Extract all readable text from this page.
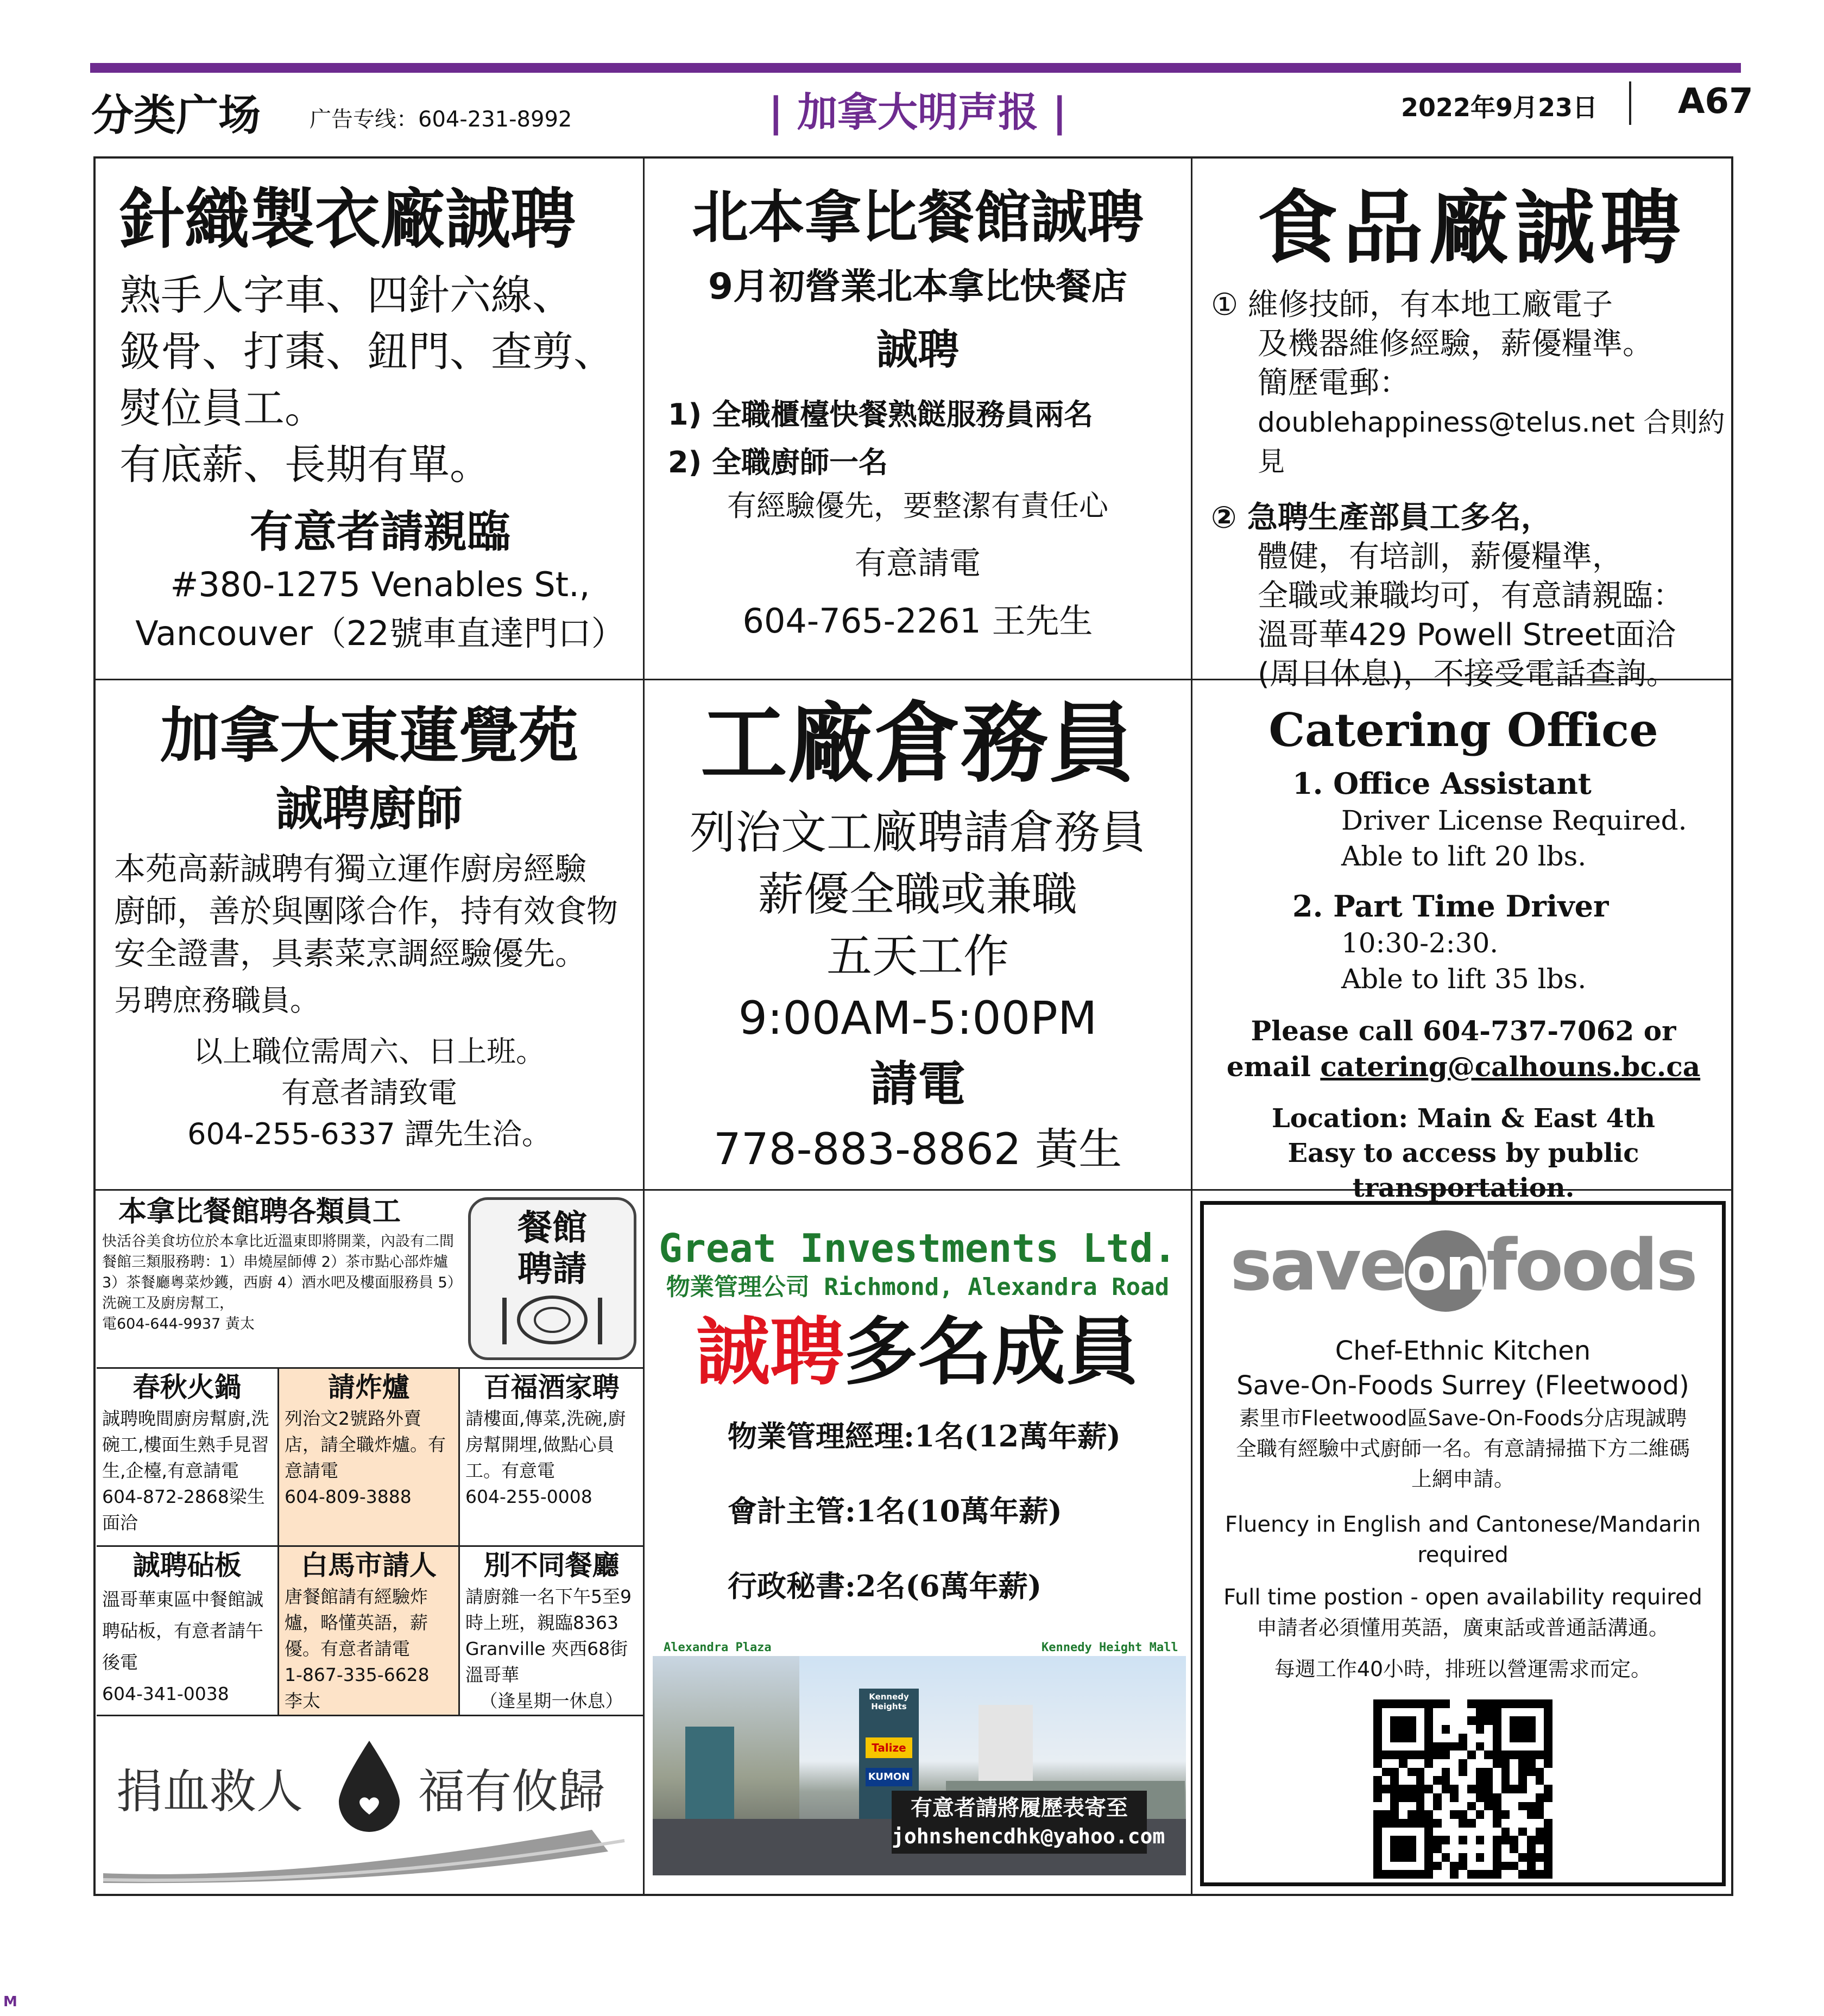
分类广场 广告专线：604-231-8992	| 加拿大明声报 |	2022年9月23日 A67
針織製衣廠誠聘
熟手人字車、四針六線、
鈒骨、打棗、鈕門、查剪、
熨位員工。
有底薪、長期有單。
有意者請親臨
#380-1275 Venables St.,
Vancouver（22號車直達門口）
北本拿比餐館誠聘
9月初營業北本拿比快餐店
誠聘
1) 全職櫃檯快餐熟餸服務員兩名
2) 全職廚師一名
有經驗優先，要整潔有責任心
有意請電
604-765-2261 王先生
食品廠誠聘
① 維修技師，有本地工廠電子
及機器維修經驗，薪優糧準。
簡歷電郵：
doublehappiness@telus.net 合則約見
② 急聘生產部員工多名，
體健，有培訓，薪優糧準，
全職或兼職均可，有意請親臨：
溫哥華429 Powell Street面洽
(周日休息)，不接受電話查詢。
加拿大東蓮覺苑
誠聘廚師
本苑高薪誠聘有獨立運作廚房經驗
廚師，善於與團隊合作，持有效食物
安全證書，具素菜烹調經驗優先。
另聘庶務職員。
以上職位需周六、日上班。
有意者請致電
604-255-6337 譚先生洽。
工廠倉務員
列治文工廠聘請倉務員
薪優全職或兼職
五天工作
9:00AM-5:00PM
請電
778-883-8862 黃生
Catering Office
1. Office Assistant
Driver License Required.
Able to lift 20 lbs.
2. Part Time Driver
10:30-2:30.
Able to lift 35 lbs.
Please call 604-737-7062 or
email catering@calhouns.bc.ca
Location: Main & East 4th
Easy to access by public transportation.
本拿比餐館聘各類員工
快活谷美食坊位於本拿比近溫東即將開業，內設有二間餐館三類服務聘：1）串燒屋師傅 2）茶市點心部炸爐3）茶餐廳粵菜炒鑊，西廚 4）酒水吧及樓面服務員 5）洗碗工及廚房幫工，
電604-644-9937 黃太
餐館
聘請
春秋火鍋
誠聘晚間廚房幫廚,洗碗工,樓面生熟手見習生,企檯,有意請電604-872-2868梁生面洽
請炸爐
列治文2號路外賣店，請全職炸爐。有意請電
604-809-3888
百福酒家聘
請樓面,傳菜,洗碗,廚房幫開埋,做點心員工。有意電
604-255-0008
誠聘砧板
溫哥華東區中餐館誠聘砧板，有意者請午後電
604-341-0038
白馬市請人
唐餐館請有經驗炸爐，略懂英語，薪優。有意者請電
1-867-335-6628
李太
別不同餐廳
請廚雜一名下午5至9時上班，親臨8363 Granville 夾西68街溫哥華
（逢星期一休息）
捐血救人 福有攸歸
Great Investments Ltd.
物業管理公司 Richmond, Alexandra Road
誠聘多名成員
物業管理經理:1名(12萬年薪)
會計主管:1名(10萬年薪)
行政秘書:2名(6萬年薪)
Alexandra Plaza	Kennedy Height Mall
Kennedy Heights
Talize
KUMON
有意者請將履歷表寄至
johnshencdhk@yahoo.com
saveonfoods
Chef-Ethnic Kitchen
Save-On-Foods Surrey (Fleetwood)
素里市Fleetwood區Save-On-Foods分店現誠聘
全職有經驗中式廚師一名。有意請掃描下方二維碼
上網申請。
Fluency in English and Cantonese/Mandarin
required
Full time postion - open availability required
申請者必須懂用英語，廣東話或普通話溝通。
每週工作40小時，排班以營運需求而定。
M
